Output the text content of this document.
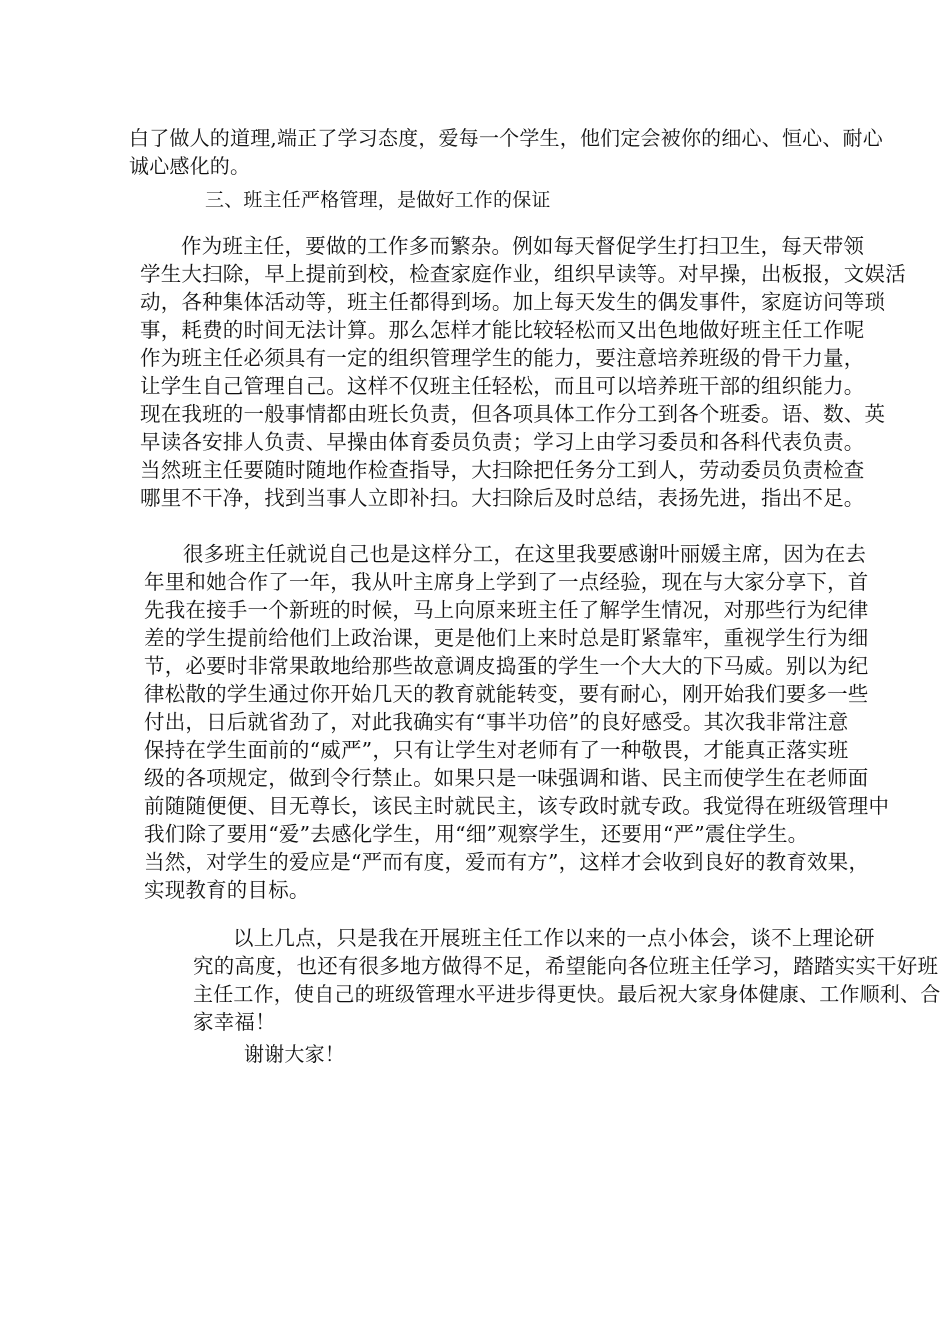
白了做人的道理,端正了学习态度，爱每一个学生，他们定会被你的细心、恒心、耐心

诚心感化的。

三、班主任严格管理，是做好工作的保证

作为班主任，要做的工作多而繁杂。例如每天督促学生打扫卫生，每天带领

学生大扫除，早上提前到校，检查家庭作业，组织早读等。对早操，出板报，文娱活

动，各种集体活动等，班主任都得到场。加上每天发生的偶发事件，家庭访问等琐

事，耗费的时间无法计算。那么怎样才能比较轻松而又出色地做好班主任工作呢

作为班主任必须具有一定的组织管理学生的能力，要注意培养班级的骨干力量，

让学生自己管理自己。这样不仅班主任轻松，而且可以培养班干部的组织能力。

现在我班的一般事情都由班长负责，但各项具体工作分工到各个班委。语、数、英

早读各安排人负责、早操由体育委员负责；学习上由学习委员和各科代表负责。

当然班主任要随时随地作检查指导，大扫除把任务分工到人，劳动委员负责检查

哪里不干净，找到当事人立即补扫。大扫除后及时总结，表扬先进，指出不足。

很多班主任就说自己也是这样分工，在这里我要感谢叶丽媛主席，因为在去

年里和她合作了一年，我从叶主席身上学到了一点经验，现在与大家分享下，首

先我在接手一个新班的时候，马上向原来班主任了解学生情况，对那些行为纪律

差的学生提前给他们上政治课，更是他们上来时总是盯紧靠牢，重视学生行为细

节，必要时非常果敢地给那些故意调皮捣蛋的学生一个大大的下马威。别以为纪

律松散的学生通过你开始几天的教育就能转变，要有耐心，刚开始我们要多一些

付出，日后就省劲了，对此我确实有“事半功倍”的良好感受。其次我非常注意

保持在学生面前的“威严”，只有让学生对老师有了一种敬畏，才能真正落实班

级的各项规定，做到令行禁止。如果只是一味强调和谐、民主而使学生在老师面

前随随便便、目无尊长，该民主时就民主，该专政时就专政。我觉得在班级管理中

我们除了要用“爱”去感化学生，用“细”观察学生，还要用“严”震住学生。

当然，对学生的爱应是“严而有度，爱而有方”，这样才会收到良好的教育效果，

实现教育的目标。

以上几点，只是我在开展班主任工作以来的一点小体会，谈不上理论研

究的高度，也还有很多地方做得不足，希望能向各位班主任学习，踏踏实实干好班

主任工作，使自己的班级管理水平进步得更快。最后祝大家身体健康、工作顺利、合

家幸福！

谢谢大家！
